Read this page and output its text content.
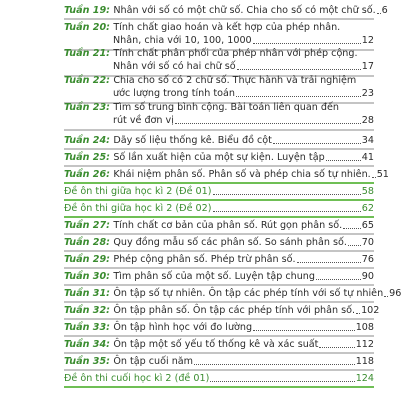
Tuần 19: Nhân với số có một chữ số. Chia cho số có một chữ số. 6
Tuần 20: Tính chất giao hoán và kết hợp của phép nhân.
Nhân, chia với 10, 100, 1000	12
Tuần 21: Tính chất phân phối của phép nhân với phép cộng.
Nhân với số có hai chữ số	17
Tuần 22: Chia cho số có 2 chữ số. Thực hành và trải nghiệm
ước lượng trong tính toán	23
Tuần 23: Tìm số trung bình cộng. Bài toán liên quan đến
rút về đơn vị	28
Tuần 24: Dãy số liệu thống kê. Biểu đồ cột	34
Tuần 25: Số lần xuất hiện của một sự kiện. Luyện tập	41
Tuần 26: Khái niệm phân số. Phân số và phép chia số tự nhiên. 51
Đề ôn thi giữa học kì 2 (Đề 01)	58
Đề ôn thi giữa học kì 2 (Đề 02)	62
Tuần 27: Tính chất cơ bản của phân số. Rút gọn phân số. 65
Tuần 28: Quy đồng mẫu số các phân số. So sánh phân số. 70
Tuần 29: Phép cộng phân số. Phép trừ phân số.	76
Tuần 30: Tìm phân số của một số. Luyện tập chung	90
Tuần 31: Ôn tập số tự nhiên. Ôn tập các phép tính với số tự nhiên 96
Tuần 32: Ôn tập phân số. Ôn tập các phép tính với phân số. 102
Tuần 33: Ôn tập hình học với đo lường	108
Tuần 34: Ôn tập một số yếu tố thống kê và xác suất	112
Tuần 35: Ôn tập cuối năm	118
Đề ôn thi cuối học kì 2 (đề 01)	124
